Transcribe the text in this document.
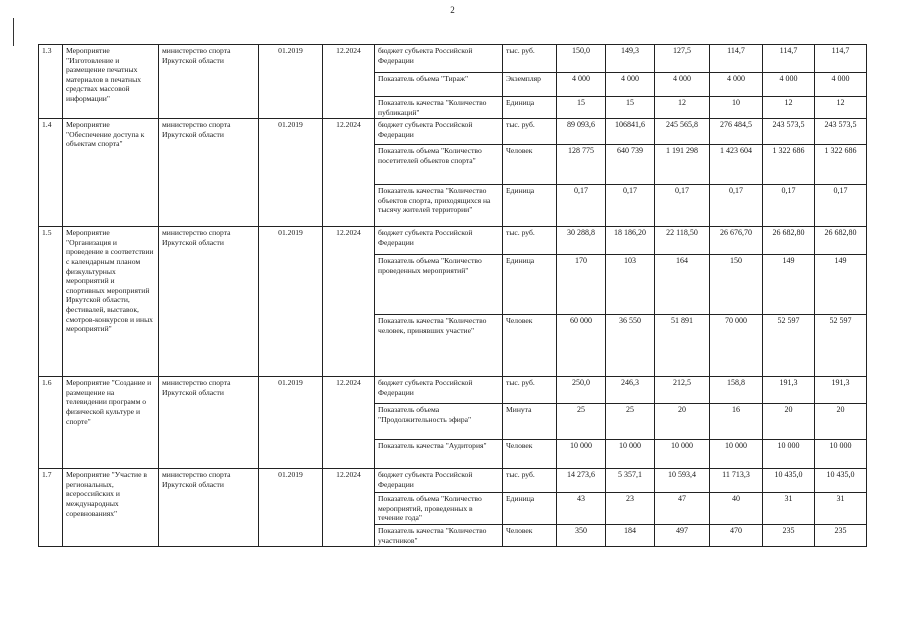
2
1.3	Мероприятие "Изготовление и размещение печатных материалов в печатных средствах массовой информации"	министерство спорта Иркутской области	01.2019	12.2024	бюджет субъекта Российской Федерации	тыс. руб.	150,0	149,3	127,5	114,7	114,7	114,7
					Показатель объема "Тираж"	Экземпляр	4 000	4 000	4 000	4 000	4 000	4 000
					Показатель качества "Количество публикаций"	Единица	15	15	12	10	12	12
1.4	Мероприятие "Обеспечение доступа к объектам спорта"	министерство спорта Иркутской области	01.2019	12.2024	бюджет субъекта Российской Федерации	тыс. руб.	89 093,6	106841,6	245 565,8	276 484,5	243 573,5	243 573,5
					Показатель объема "Количество посетителей объектов спорта"	Человек	128 775	640 739	1 191 298	1 423 604	1 322 686	1 322 686
					Показатель качества "Количество объектов спорта, приходящихся на тысячу жителей территории"	Единица	0,17	0,17	0,17	0,17	0,17	0,17
1.5	Мероприятие "Организация и проведение в соответствии с календарным планом физкультурных мероприятий и спортивных мероприятий Иркутской области, фестивалей, выставок, смотров-конкурсов и иных мероприятий"	министерство спорта Иркутской области	01.2019	12.2024	бюджет субъекта Российской Федерации	тыс. руб.	30 288,8	18 186,20	22 118,50	26 676,70	26 682,80	26 682,80
					Показатель объема "Количество проведенных мероприятий"	Единица	170	103	164	150	149	149
					Показатель качества "Количество человек, принявших участие"	Человек	60 000	36 550	51 891	70 000	52 597	52 597
1.6	Мероприятие "Создание и размещение на телевидении программ о физической культуре и спорте"	министерство спорта Иркутской области	01.2019	12.2024	бюджет субъекта Российской Федерации	тыс. руб.	250,0	246,3	212,5	158,8	191,3	191,3
					Показатель объема "Продолжительность эфира"	Минута	25	25	20	16	20	20
					Показатель качества "Аудитория"	Человек	10 000	10 000	10 000	10 000	10 000	10 000
1.7	Мероприятие "Участие в региональных, всероссийских и международных соревнованиях"	министерство спорта Иркутской области	01.2019	12.2024	бюджет субъекта Российской Федерации	тыс. руб.	14 273,6	5 357,1	10 593,4	11 713,3	10 435,0	10 435,0
					Показатель объема "Количество мероприятий, проведенных в течение года"	Единица	43	23	47	40	31	31
					Показатель качества "Количество участников"	Человек	350	184	497	470	235	235
